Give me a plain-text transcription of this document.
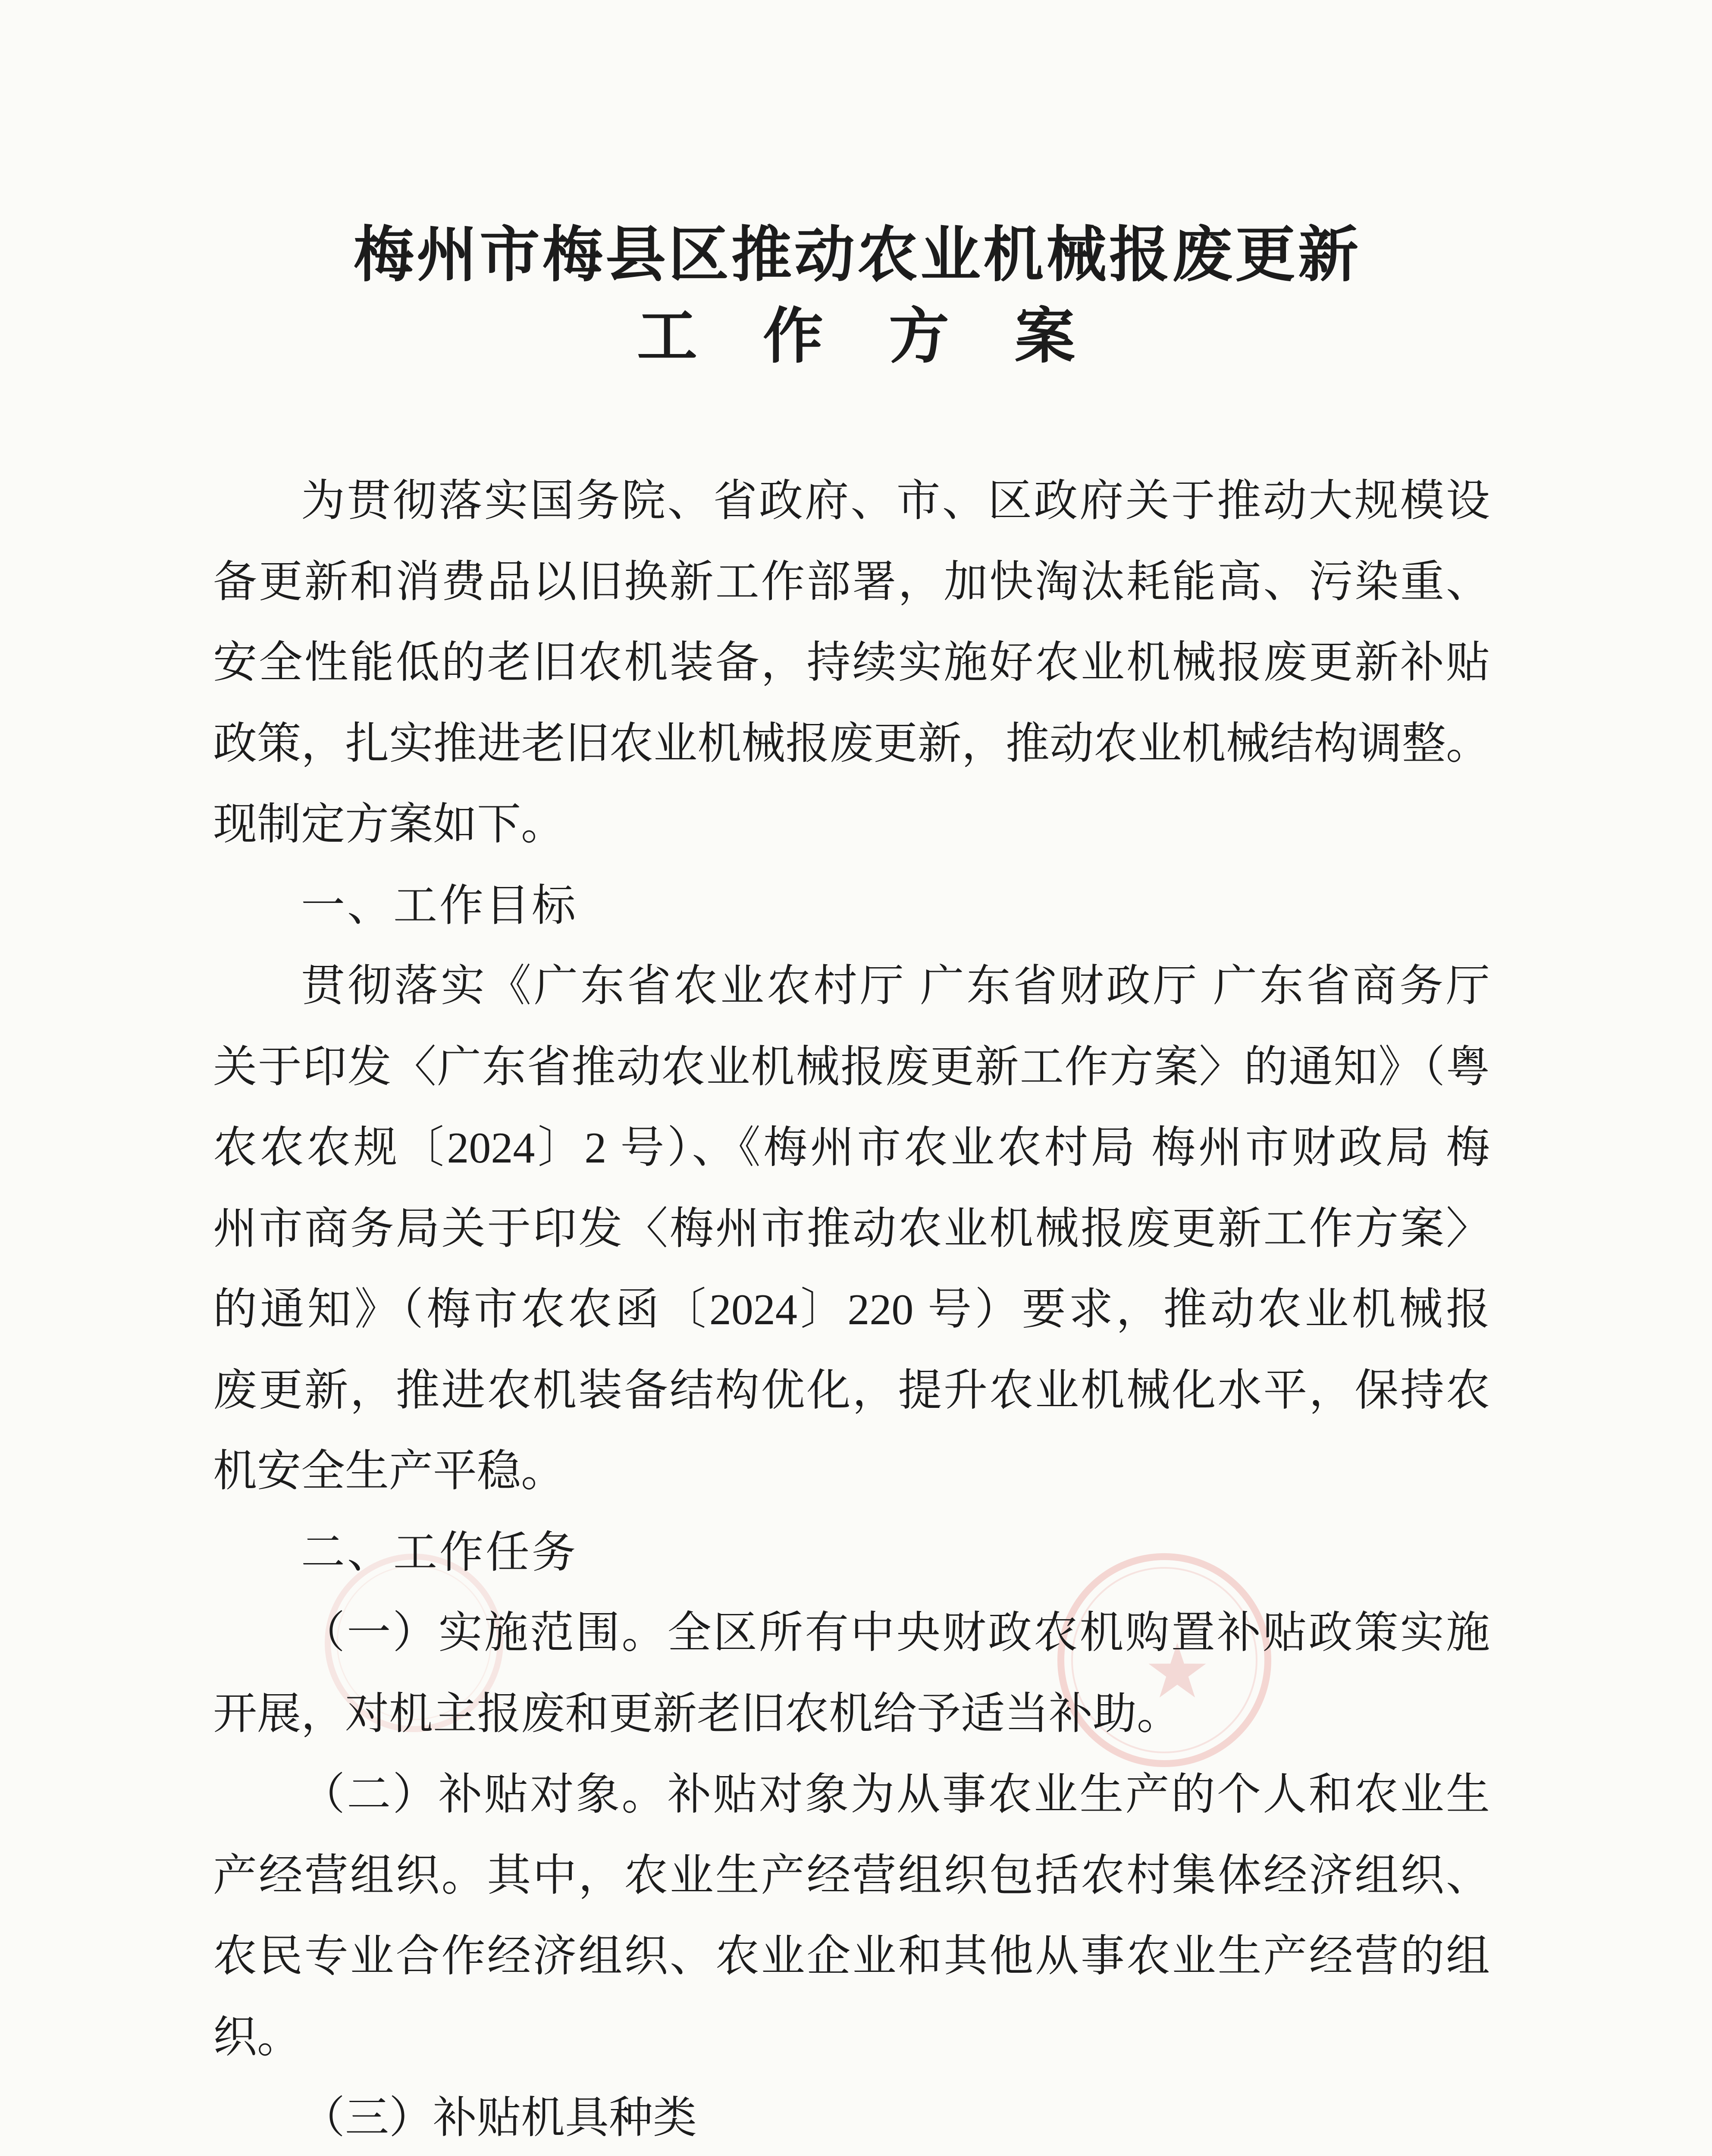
梅州市梅县区推动农业机械报废更新
工　作　方　案
为贯彻落实国务院、省政府、市、区政府关于推动大规模设
备更新和消费品以旧换新工作部署，加快淘汰耗能高、污染重、
安全性能低的老旧农机装备，持续实施好农业机械报废更新补贴
政策，扎实推进老旧农业机械报废更新，推动农业机械结构调整。
现制定方案如下。
一、工作目标
贯彻落实《广东省农业农村厅 广东省财政厅 广东省商务厅
关于印发〈广东省推动农业机械报废更新工作方案〉的通知》（粤
农农农规〔2024〕2 号）、《梅州市农业农村局 梅州市财政局 梅
州市商务局关于印发〈梅州市推动农业机械报废更新工作方案〉
的通知》（梅市农农函〔2024〕220 号）要求，推动农业机械报
废更新，推进农机装备结构优化，提升农业机械化水平，保持农
机安全生产平稳。
二、工作任务
（一）实施范围。全区所有中央财政农机购置补贴政策实施
开展，对机主报废和更新老旧农机给予适当补助。
（二）补贴对象。补贴对象为从事农业生产的个人和农业生
产经营组织。其中，农业生产经营组织包括农村集体经济组织、
农民专业合作经济组织、农业企业和其他从事农业生产经营的组
织。
（三）补贴机具种类
